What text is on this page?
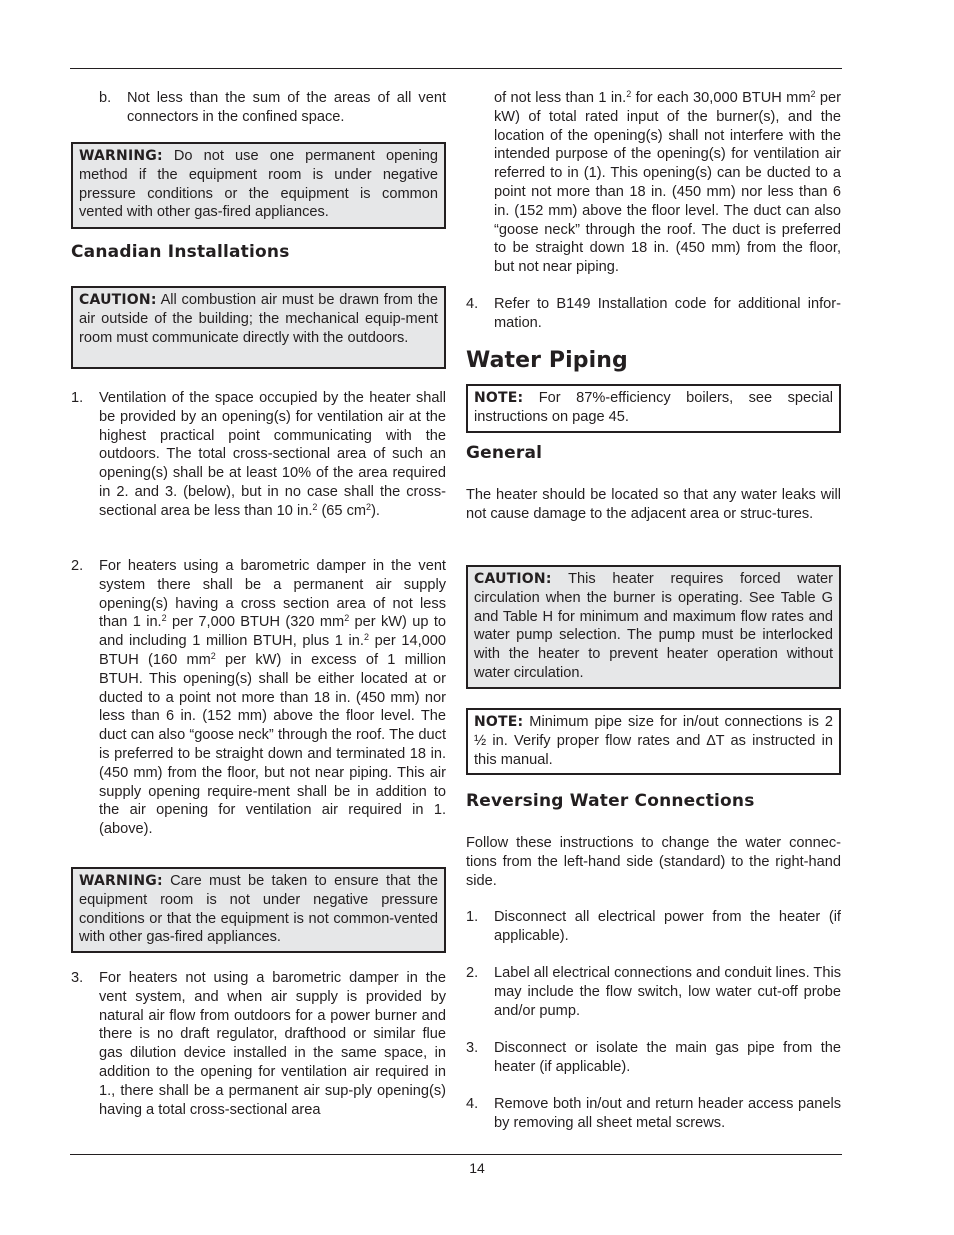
b.	Not less than the sum of the areas of all vent connectors in the confined space.
WARNING: Do not use one permanent opening method if the equipment room is under negative pressure conditions or the equipment is common vented with other gas-fired appliances.
Canadian Installations
CAUTION: All combustion air must be drawn from the air outside of the building; the mechanical equip-ment room must communicate directly with the outdoors.
1.	Ventilation of the space occupied by the heater shall be provided by an opening(s) for ventilation air at the highest practical point communicating with the outdoors. The total cross-sectional area of such an opening(s) shall be at least 10% of the area required in 2. and 3. (below), but in no case shall the cross-sectional area be less than 10 in.$^2$ (65 $cm^2$).
2.	For heaters using a barometric damper in the vent system there shall be a permanent air supply opening(s) having a cross section area of not less than 1 in.$^2$ per 7,000 BTUH (320 $mm^2$ per kW) up to and including 1 million BTUH, plus 1 in.$^2$ per 14,000 BTUH (160 $mm^2$ per kW) in excess of 1 million BTUH. This opening(s) shall be either located at or ducted to a point not more than 18 in. (450 mm) nor less than 6 in. (152 mm) above the floor level. The duct can also “goose neck” through the roof. The duct is preferred to be straight down and terminated 18 in. (450 mm) from the floor, but not near piping. This air supply opening require-ment shall be in addition to the air opening for ventilation air required in 1. (above).
WARNING: Care must be taken to ensure that the equipment room is not under negative pressure conditions or that the equipment is not common-vented with other gas-fired appliances.
3.	For heaters not using a barometric damper in the vent system, and when air supply is provided by natural air flow from outdoors for a power burner and there is no draft regulator, drafthood or similar flue gas dilution device installed in the same space, in addition to the opening for ventilation air required in 1., there shall be a permanent air sup-ply opening(s) having a total cross-sectional area
of not less than 1 in.$^2$ for each 30,000 BTUH $mm^2$ per kW) of total rated input of the burner(s), and the location of the opening(s) shall not interfere with the intended purpose of the opening(s) for ventilation air referred to in (1). This opening(s) can be ducted to a point not more than 18 in. (450 mm) nor less than 6 in. (152 mm) above the floor level. The duct can also “goose neck” through the roof. The duct is preferred to be straight down 18 in. (450 mm) from the floor, but not near piping.
4.	Refer to B149 Installation code for additional infor-mation.
Water Piping
NOTE: For 87%-efficiency boilers, see special instructions on page 45.
General
The heater should be located so that any water leaks will not cause damage to the adjacent area or struc-tures.
CAUTION: This heater requires forced water circulation when the burner is operating. See Table G and Table H for minimum and maximum flow rates and water pump selection. The pump must be interlocked with the heater to prevent heater operation without water circulation.
NOTE: Minimum pipe size for in/out connections is 2 ½ in. Verify proper flow rates and ∆T as instructed in this manual.
Reversing Water Connections
Follow these instructions to change the water connec-tions from the left-hand side (standard) to the right-hand side.
1.	Disconnect all electrical power from the heater (if applicable).
2.	Label all electrical connections and conduit lines. This may include the flow switch, low water cut-off probe and/or pump.
3.	Disconnect or isolate the main gas pipe from the heater (if applicable).
4.	Remove both in/out and return header access panels by removing all sheet metal screws.
14
